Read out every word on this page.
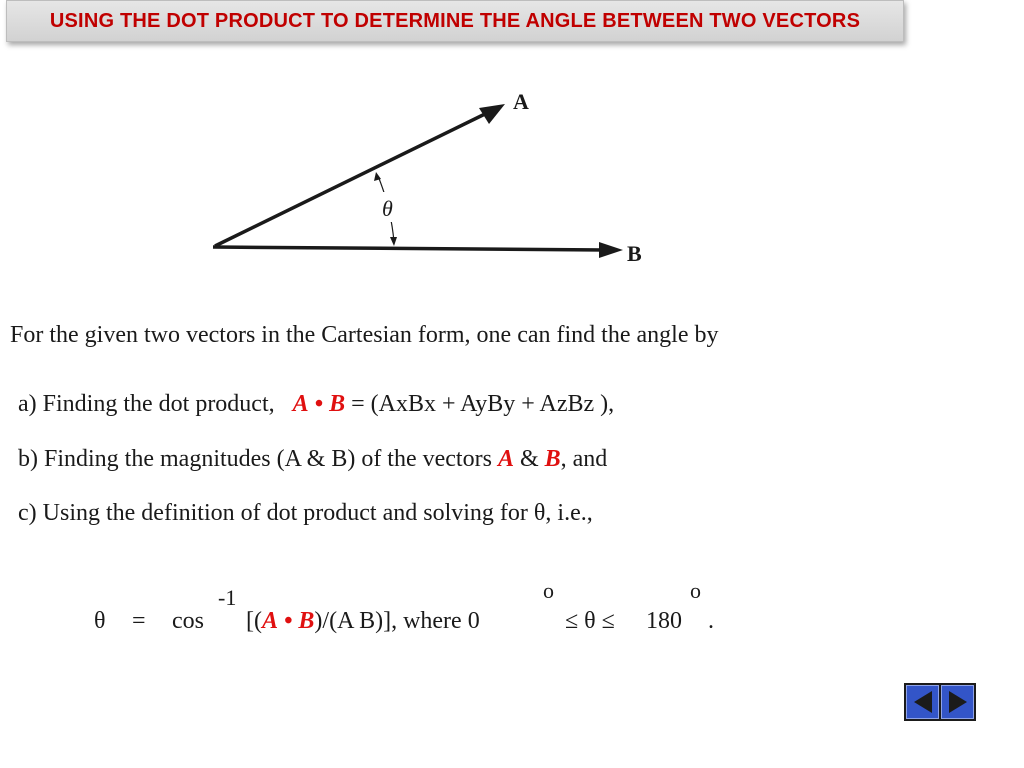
USING THE DOT PRODUCT TO DETERMINE THE ANGLE BETWEEN TWO VECTORS
A
B
θ
For the given two vectors in the Cartesian form, one can find the angle by
a) Finding the dot product, A • B = (AxBx + AyBy + AzBz ),
b) Finding the magnitudes (A & B) of the vectors A & B, and
c) Using the definition of dot product and solving for θ, i.e.,
θ = cos
-1
[(A • B)/(A B)], where 0
o
≤ θ ≤ 180
o
.
